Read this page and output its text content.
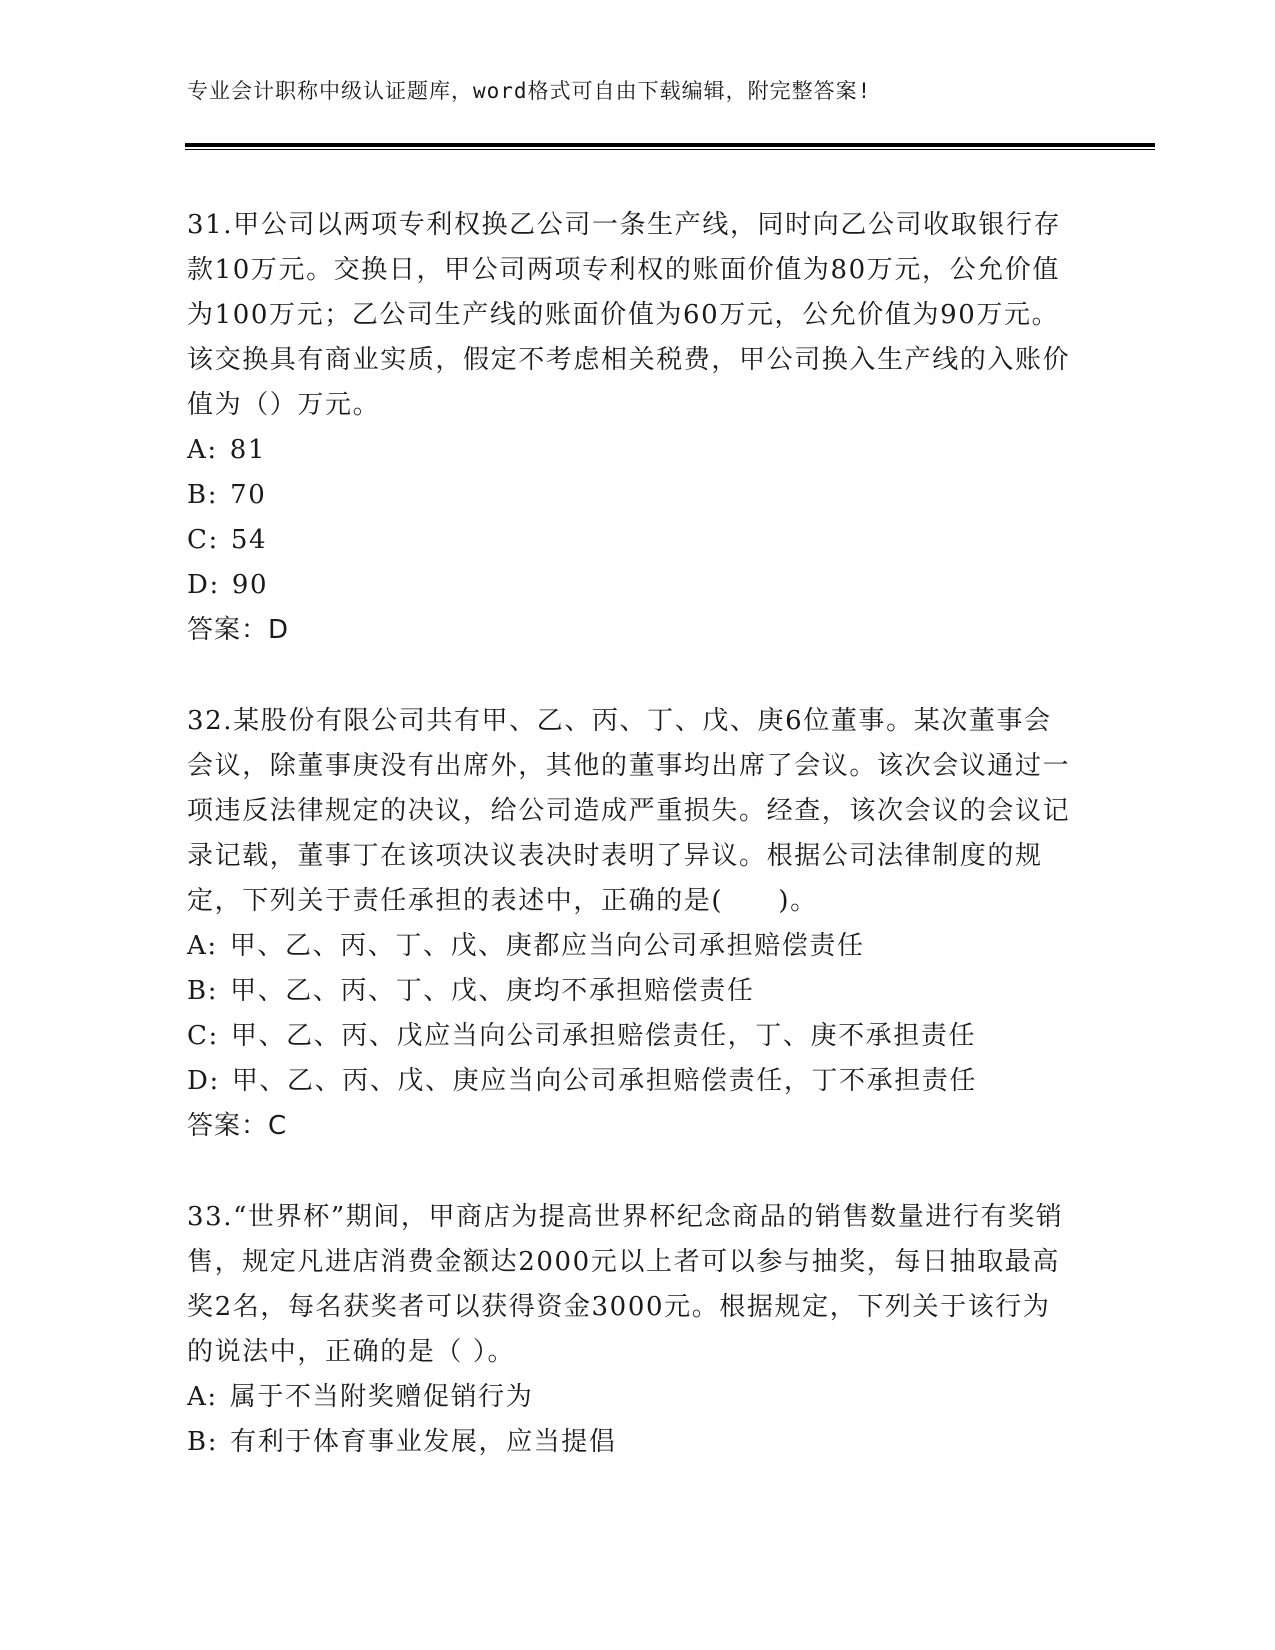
专业会计职称中级认证题库，word格式可自由下载编辑，附完整答案!

31.甲公司以两项专利权换乙公司一条生产线，同时向乙公司收取银行存款10万元。交换日，甲公司两项专利权的账面价值为80万元，公允价值为100万元；乙公司生产线的账面价值为60万元，公允价值为90万元。该交换具有商业实质，假定不考虑相关税费，甲公司换入生产线的入账价值为（）万元。

A : 81

B : 70

C : 54

D : 90

答案：D

32.某股份有限公司共有甲、乙、丙、丁、戊、庚6位董事。某次董事会会议，除董事庚没有出席外，其他的董事均出席了会议。该次会议通过一项违反法律规定的决议，给公司造成严重损失。经查，该次会议的会议记录记载，董事丁在该项决议表决时表明了异议。根据公司法律制度的规定，下列关于责任承担的表述中，正确的是(　　)。

A : 甲、乙、丙、丁、戊、庚都应当向公司承担赔偿责任

B : 甲、乙、丙、丁、戊、庚均不承担赔偿责任

C : 甲、乙、丙、戊应当向公司承担赔偿责任，丁、庚不承担责任

D : 甲、乙、丙、戊、庚应当向公司承担赔偿责任，丁不承担责任

答案：C

33.“世界杯”期间，甲商店为提高世界杯纪念商品的销售数量进行有奖销售，规定凡进店消费金额达2000元以上者可以参与抽奖，每日抽取最高奖2名，每名获奖者可以获得资金3000元。根据规定，下列关于该行为的说法中，正确的是（ ）。

A : 属于不当附奖赠促销行为

B : 有利于体育事业发展，应当提倡
